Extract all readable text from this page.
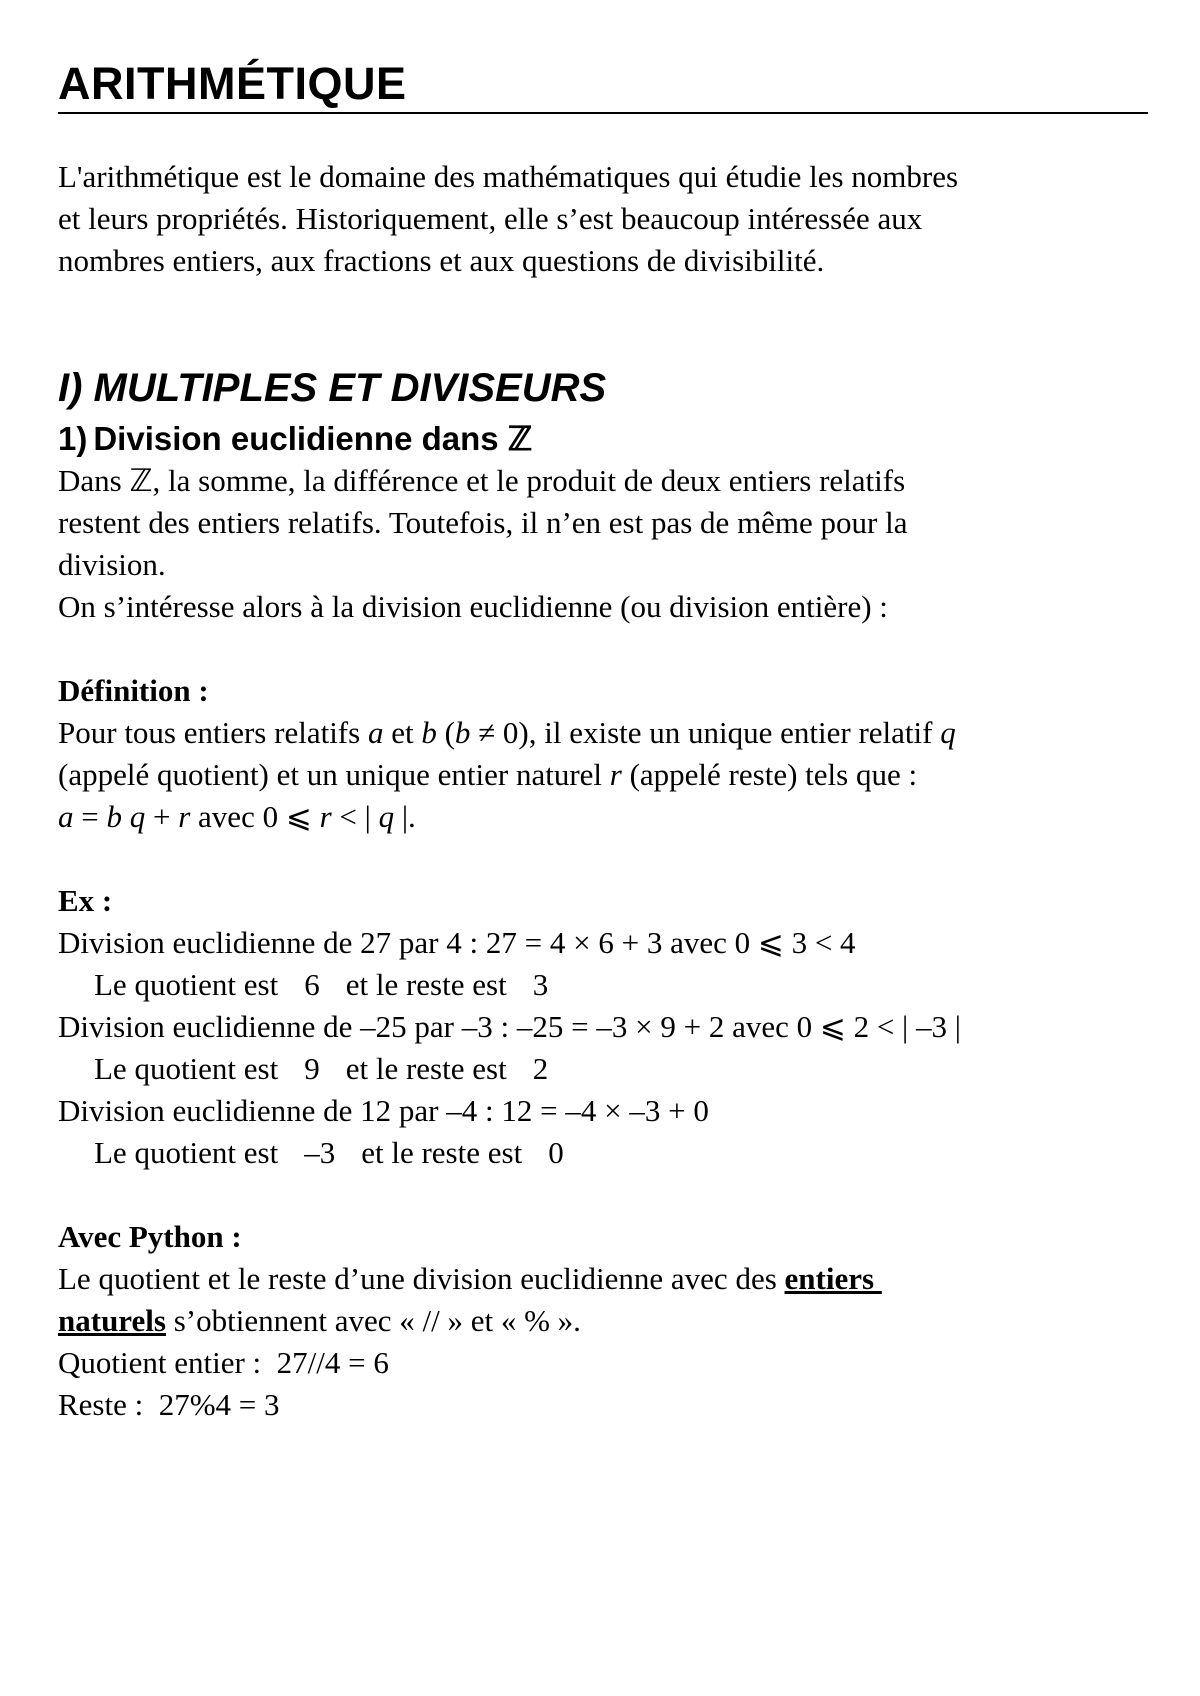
ARITHMÉTIQUE
L'arithmétique est le domaine des mathématiques qui étudie les nombres
et leurs propriétés. Historiquement, elle s’est beaucoup intéressée aux
nombres entiers, aux fractions et aux questions de divisibilité.
I) MULTIPLES ET DIVISEURS
1) Division euclidienne dans ℤ
Dans ℤ, la somme, la différence et le produit de deux entiers relatifs
restent des entiers relatifs. Toutefois, il n’en est pas de même pour la
division.
On s’intéresse alors à la division euclidienne (ou division entière) :
Définition :
Pour tous entiers relatifs a et b (b ≠ 0), il existe un unique entier relatif q
(appelé quotient) et un unique entier naturel r (appelé reste) tels que :
a = b q + r avec 0 ⩽ r < | q |.
Ex :
Division euclidienne de 27 par 4 : 27 = 4 × 6 + 3 avec 0 ⩽ 3 < 4
Le quotient est 6 et le reste est 3
Division euclidienne de –25 par –3 : –25 = –3 × 9 + 2 avec 0 ⩽ 2 < | –3 |
Le quotient est 9 et le reste est 2
Division euclidienne de 12 par –4 : 12 = –4 × –3 + 0
Le quotient est –3 et le reste est 0
Avec Python :
Le quotient et le reste d’une division euclidienne avec des entiers
naturels s’obtiennent avec « // » et « % ».
Quotient entier :  27//4 = 6
Reste :  27%4 = 3
